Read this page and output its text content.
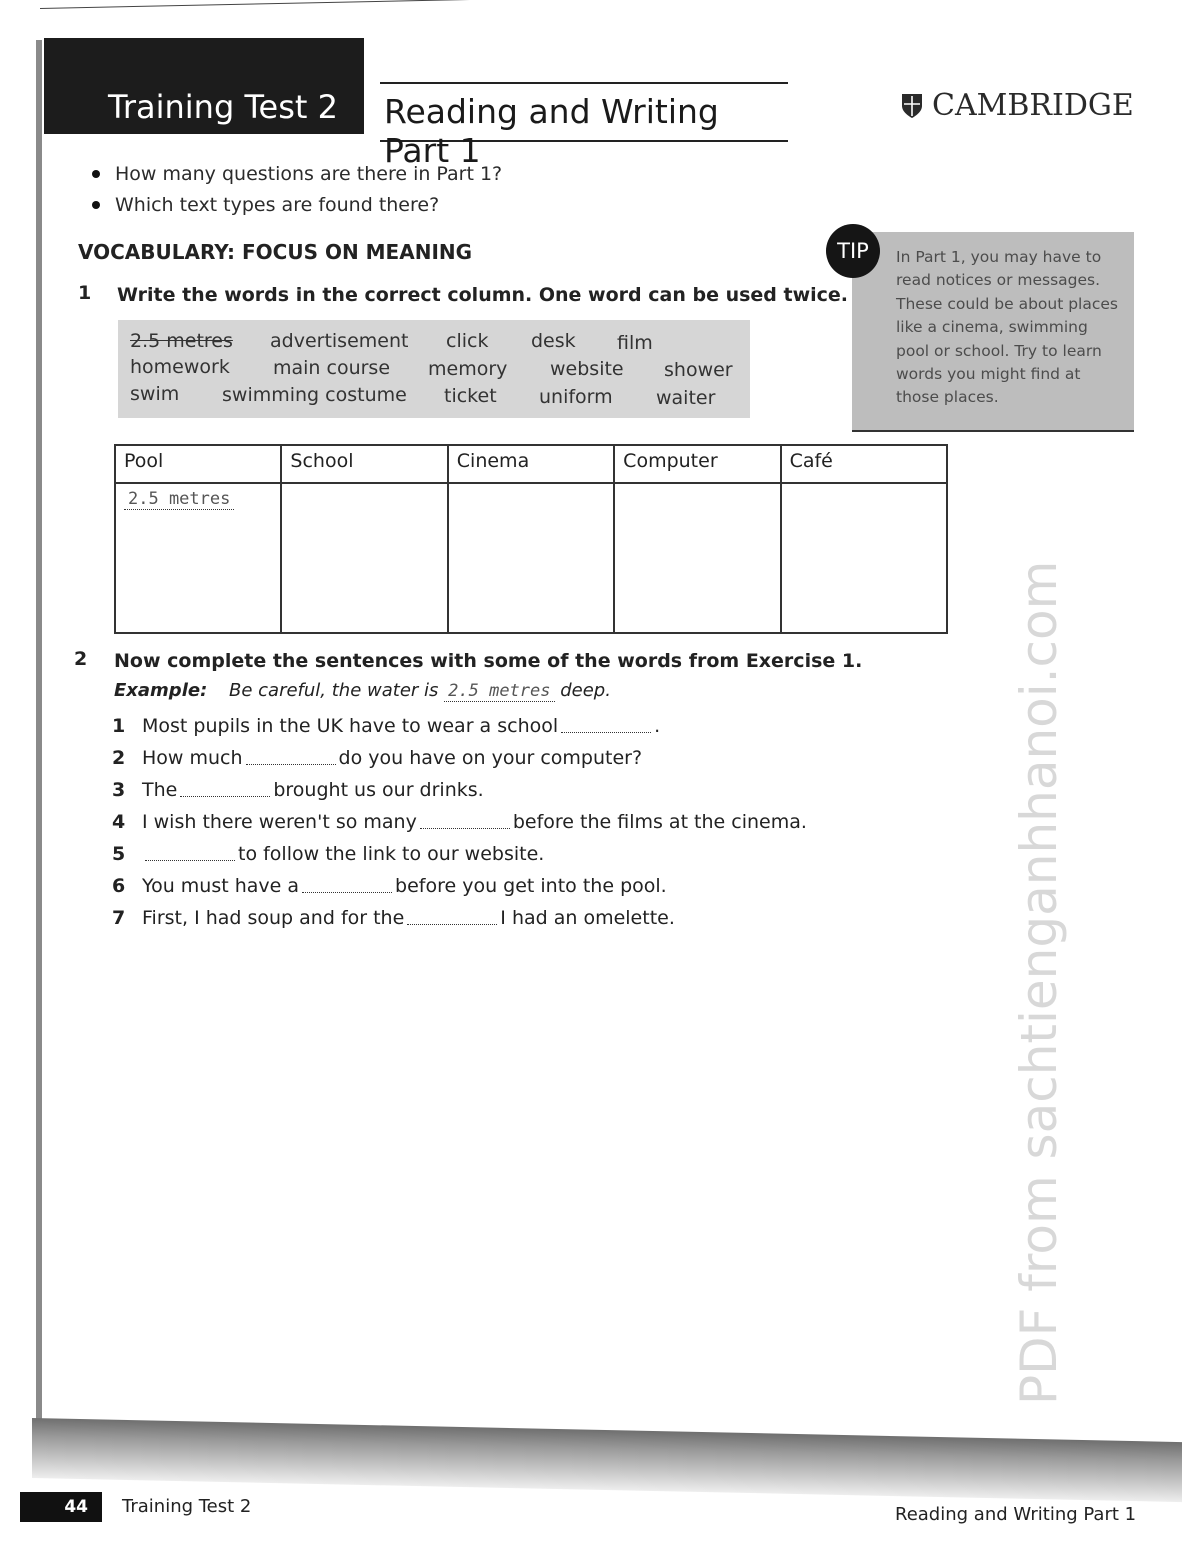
Training Test 2 Reading and Writing Part 1
CAMBRIDGE
How many questions are there in Part 1?
Which text types are found there?
VOCABULARY: FOCUS ON MEANING
1 Write the words in the correct column. One word can be used twice.
2.5 metres advertisement click desk film
homework main course memory website shower
swim swimming costume ticket uniform waiter
TIP	In Part 1, you may have to read notices or messages. These could be about places like a cinema, swimming pool or school. Try to learn words you might find at those places.

Pool	School	Cinema	Computer	Café
2.5 metres				
2 Now complete the sentences with some of the words from Exercise 1.
Example: Be careful, the water is 2.5 metres deep.
1 Most pupils in the UK have to wear a school	.
2 How much	do you have on your computer?
3 The	brought us our drinks.
4 I wish there weren't so many	before the films at the cinema.
5	to follow the link to our website.
6 You must have a	before you get into the pool.
7 First, I had soup and for the	I had an omelette.	PDF from sachtienganhhanoi.com
44	Training Test 2	Reading and Writing Part 1
